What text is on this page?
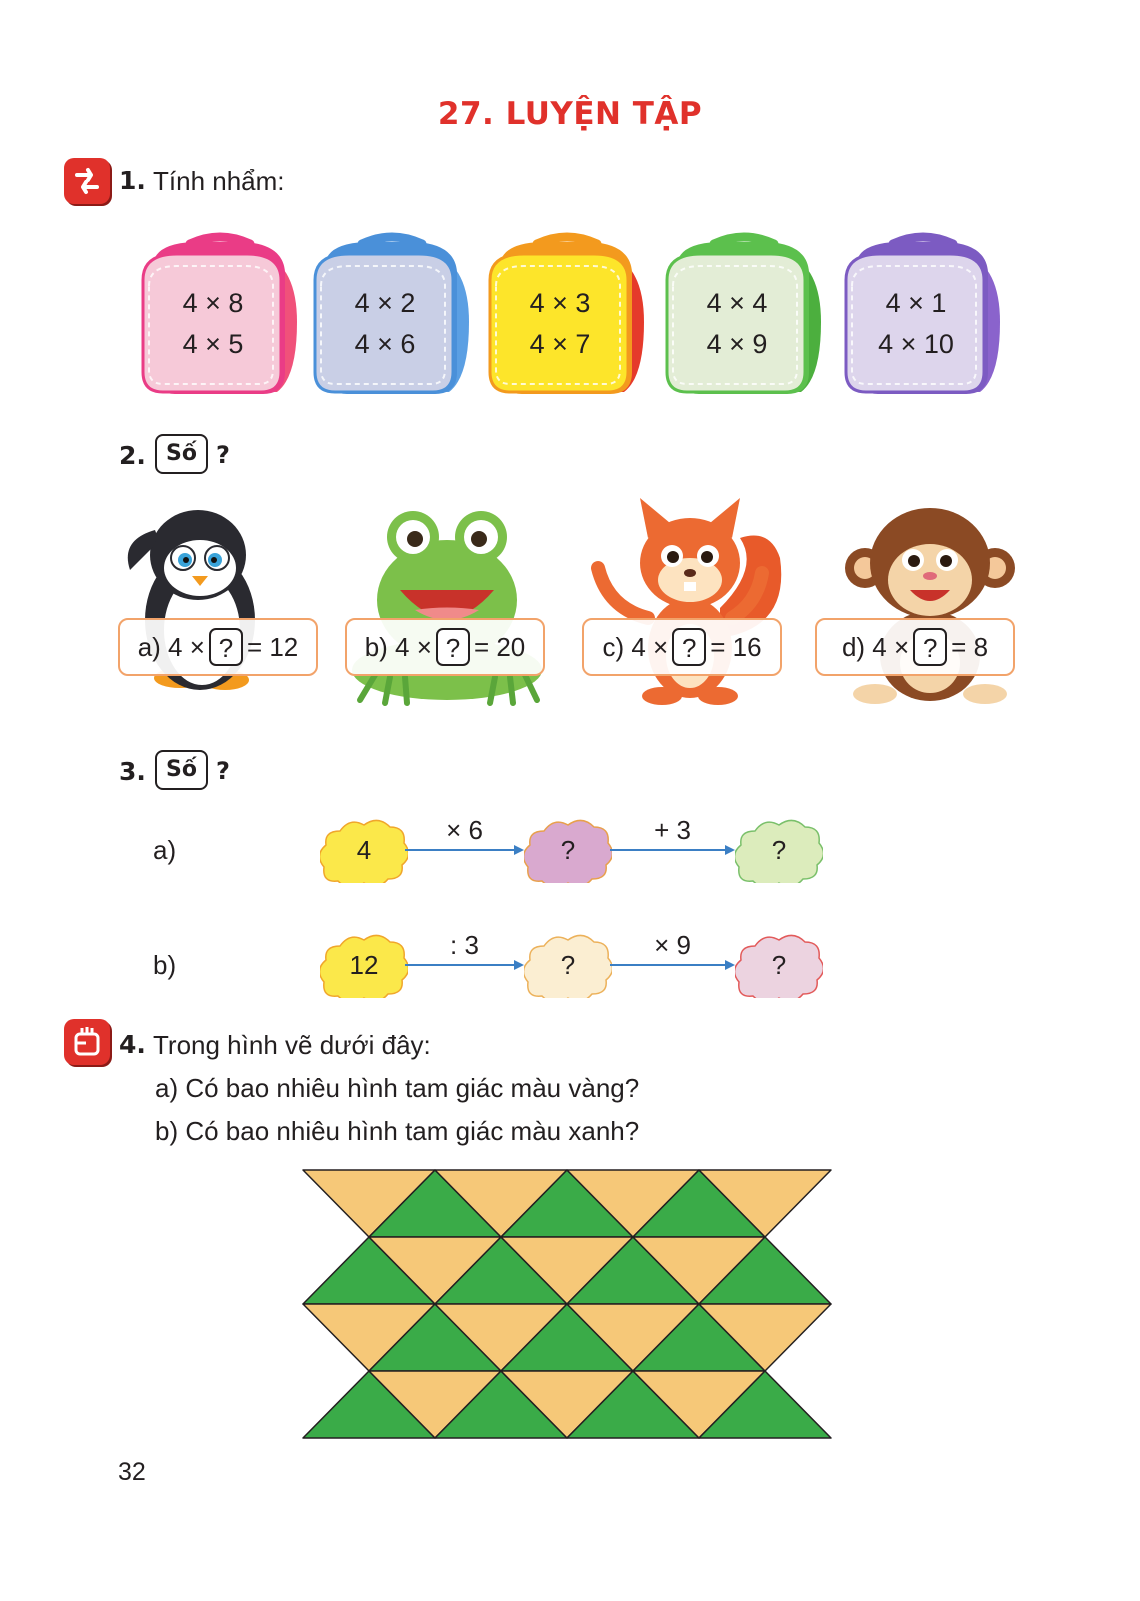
27. LUYỆN TẬP
1. Tính nhẩm:
4 × 8
4 × 5
4 × 2
4 × 6
4 × 3
4 × 7
4 × 4
4 × 9
4 × 1
4 × 10
2. Số ?
a) 4 × ? = 12	b) 4 × ? = 20	c) 4 × ? = 16	d) 4 × ? = 8
3. Số ?
a)	4	?	?
× 6	+ 3
b)	12	?	?
: 3	× 9
4. Trong hình vẽ dưới đây:
a) Có bao nhiêu hình tam giác màu vàng?
b) Có bao nhiêu hình tam giác màu xanh?
32
